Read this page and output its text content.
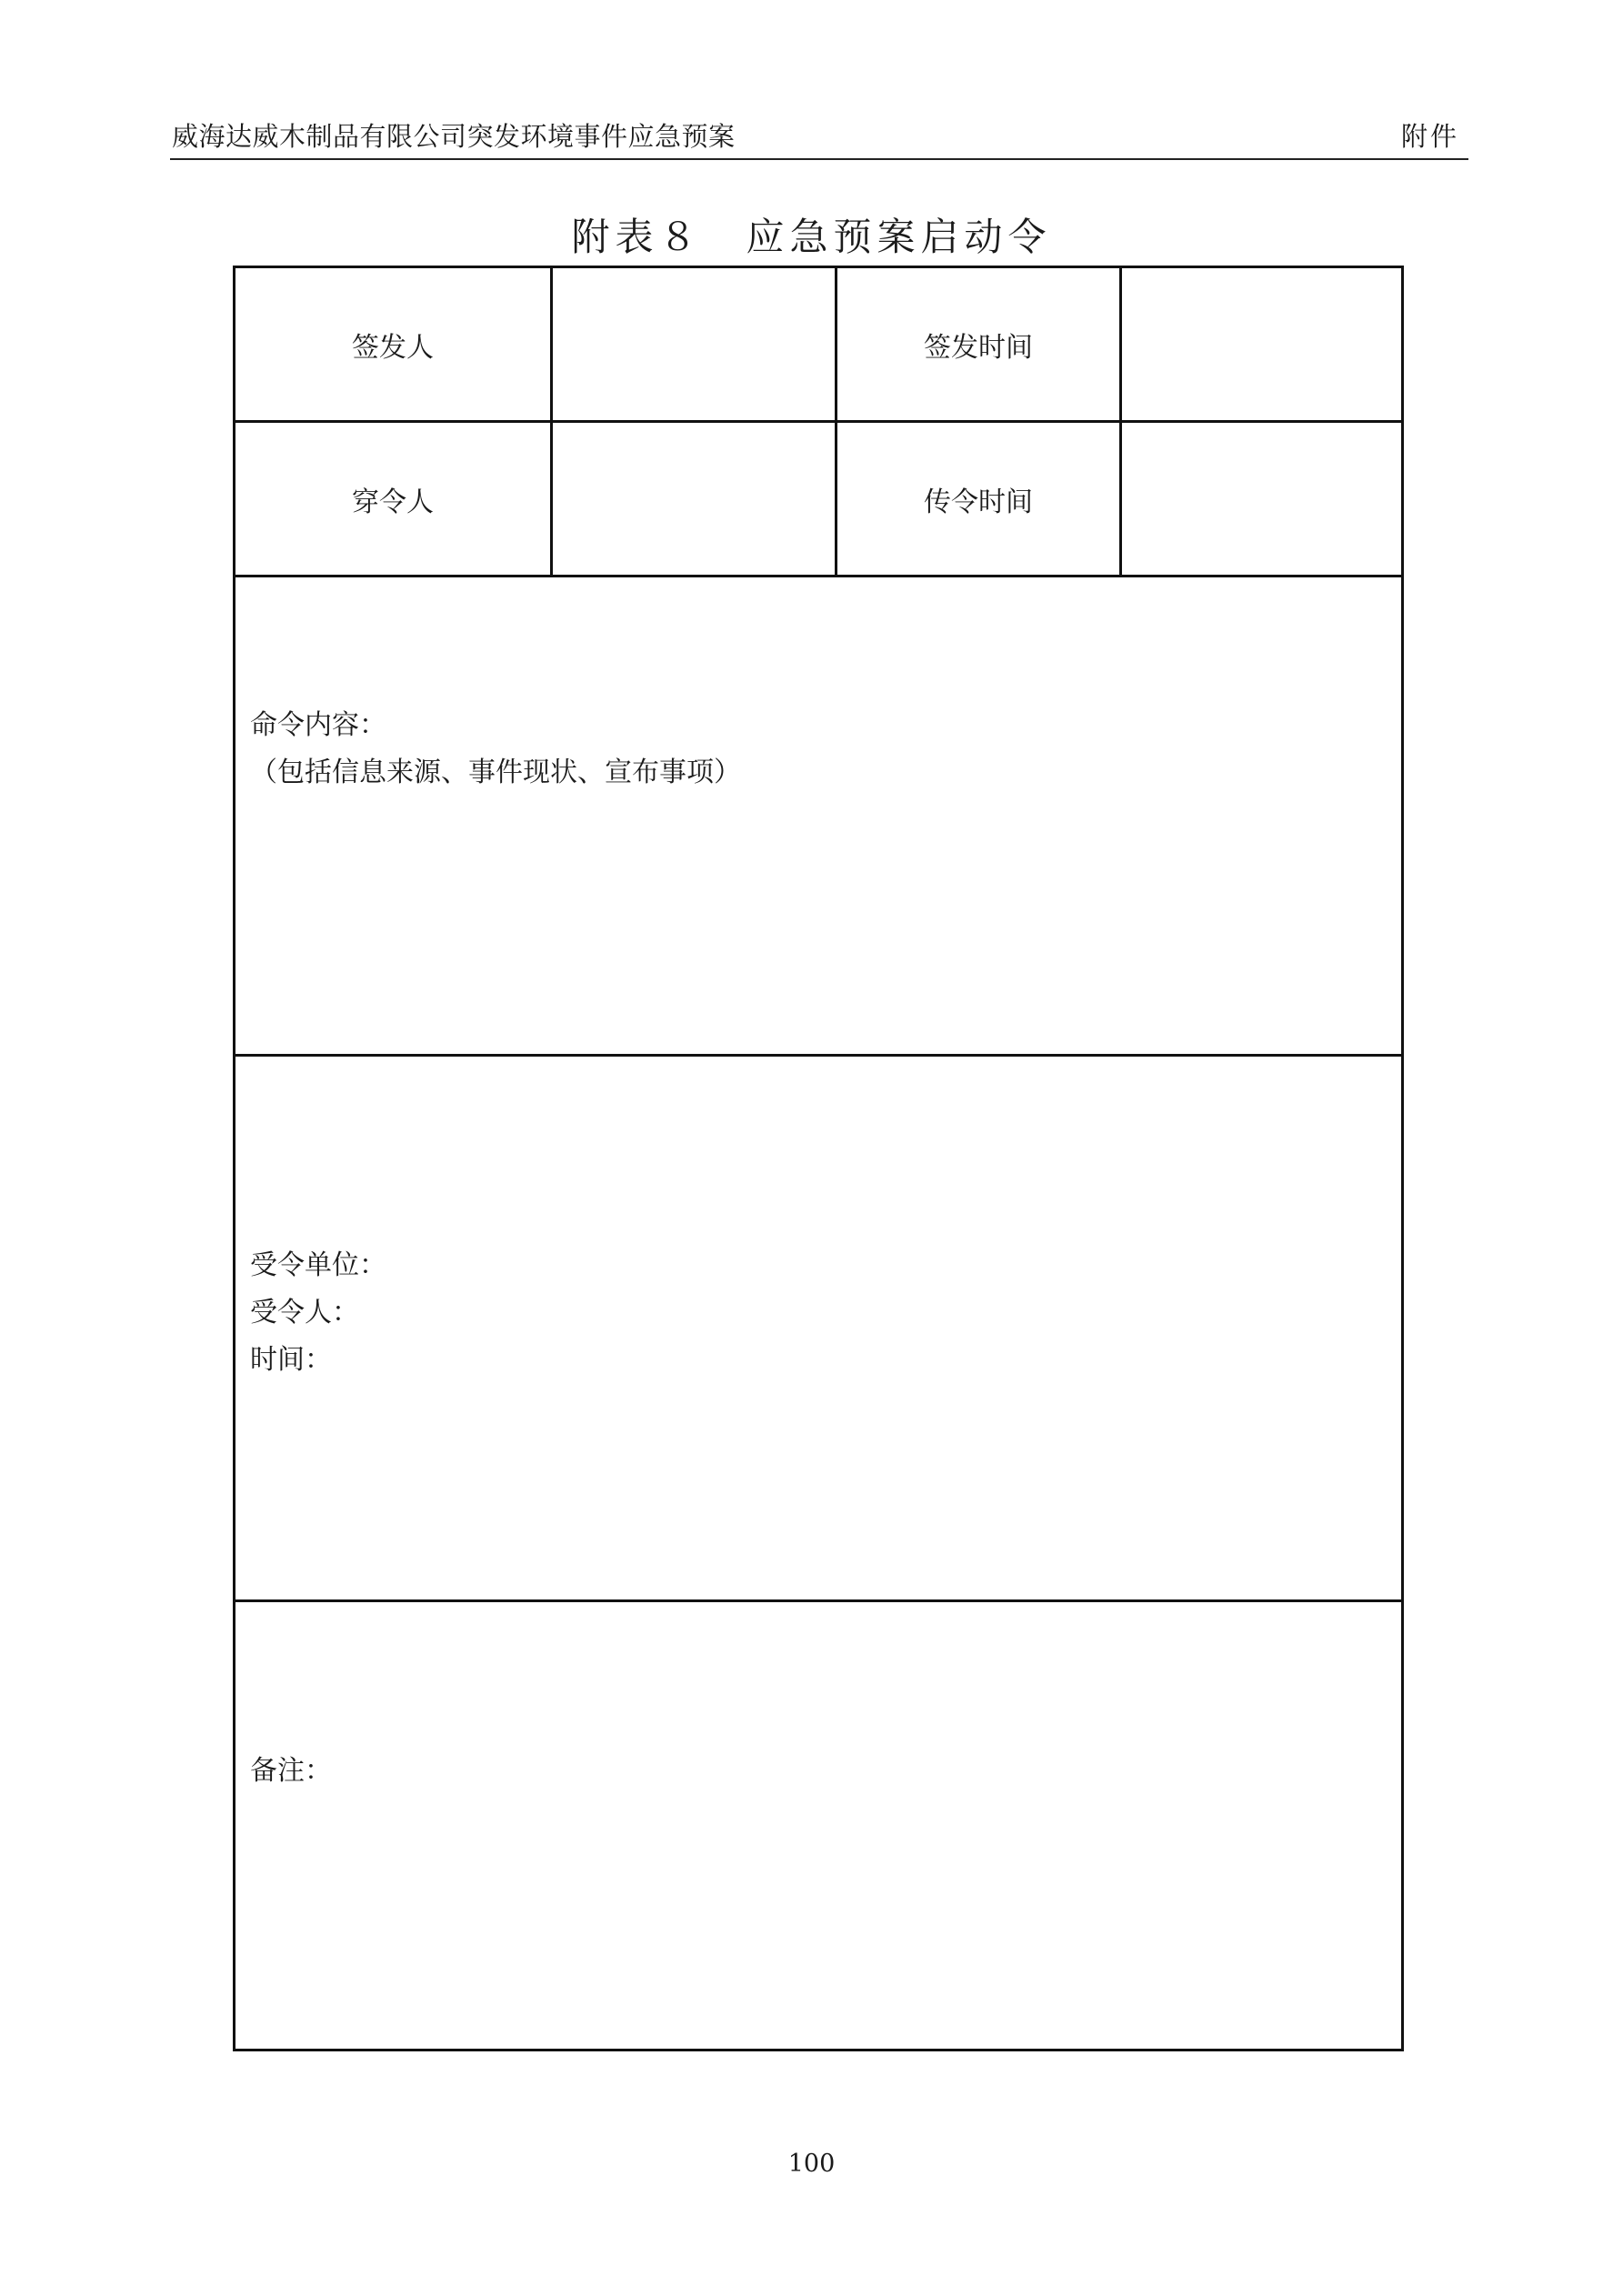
威海达威木制品有限公司突发环境事件应急预案	附件
附表８　应急预案启动令
签发人	签发时间
穿令人	传令时间
命令内容：
（包括信息来源、事件现状、宣布事项）
受令单位：
受令人：
时间：
备注：
100
